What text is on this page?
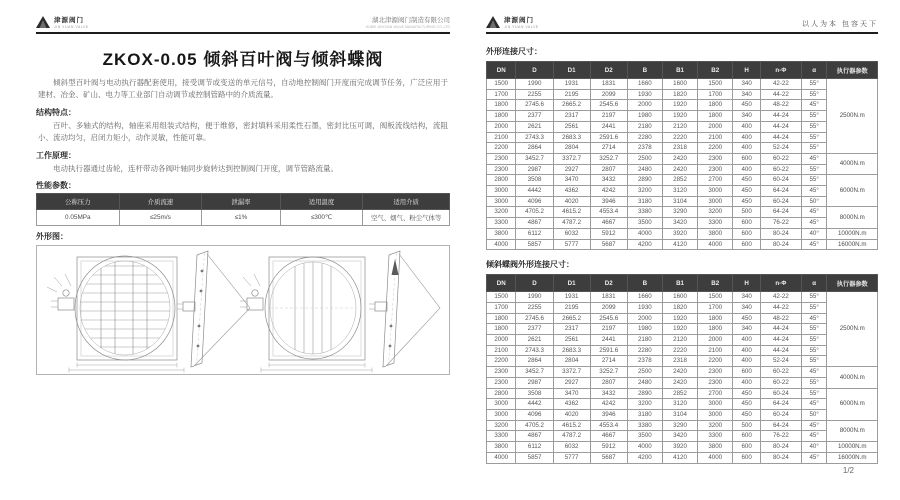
津源阀门
JIN YUAN VALVE
湖北津源阀门制造有限公司
HUBEI JINYUAN VALVE MANUFACTURING CO.,LTD
ZKOX-0.05 倾斜百叶阀与倾斜蝶阀
倾斜型百叶阀与电动执行器配套使用，接受调节或变送的单元信号，自动地控制阀门开度而完成调节任务，广泛应用于建材、冶金、矿山、电力等工业部门自动调节或控制管路中的介质流量。
结构特点：
百叶、多轴式的结构，轴座采用组装式结构，便于维修，密封填料采用柔性石墨，密封比压可调，阀板流线结构，流阻小、流动均匀，启闭力矩小，动作灵敏，性能可靠。
工作原理：
电动执行器通过齿轮，连杆带动各阀叶轴同步旋转达到控制阀门开度，调节管路流量。
性能参数：
公称压力	介质流速	泄漏率	适用温度	适用介质
0.05MPa	≤25m/s	≤1%	≤300℃	空气、烟气、粉尘气体等
外形图：
津源阀门
JIN YUAN VALVE	以人为本 包容天下
外形连接尺寸：
DN	D	D1	D2	B	B1	B2	H	n-Φ	α	执行器参数
1500	1990	1931	1831	1660	1600	1500	340	42-22	55°	2500N.m
1700	2255	2195	2099	1930	1820	1700	340	44-22	55°	
1800	2745.6	2665.2	2545.6	2000	1920	1800	450	48-22	45°	
1800	2377	2317	2197	1980	1920	1800	340	44-24	55°	
2000	2621	2561	2441	2180	2120	2000	400	44-24	55°	
2100	2743.3	2683.3	2591.6	2280	2220	2100	400	44-24	55°	
2200	2864	2804	2714	2378	2318	2200	400	52-24	55°	
2300	3452.7	3372.7	3252.7	2500	2420	2300	600	60-22	45°	4000N.m
2300	2987	2927	2807	2480	2420	2300	400	60-22	55°	
2800	3508	3470	3432	2890	2852	2700	450	60-24	55°	6000N.m
3000	4442	4362	4242	3200	3120	3000	450	64-24	45°	
3000	4096	4020	3946	3180	3104	3000	450	60-24	50°	
3200	4705.2	4615.2	4553.4	3380	3290	3200	500	64-24	45°	8000N.m
3300	4867	4787.2	4667	3500	3420	3300	600	76-22	45°	
3800	6112	6032	5912	4000	3920	3800	600	80-24	40°	10000N.m
4000	5857	5777	5687	4200	4120	4000	600	80-24	45°	16000N.m
倾斜蝶阀外形连接尺寸：
DN	D	D1	D2	B	B1	B2	H	n-Φ	α	执行器参数
1500	1990	1931	1831	1660	1600	1500	340	42-22	55°	2500N.m
1700	2255	2195	2099	1930	1820	1700	340	44-22	55°	
1800	2745.6	2665.2	2545.6	2000	1920	1800	450	48-22	45°	
1800	2377	2317	2197	1980	1920	1800	340	44-24	55°	
2000	2621	2561	2441	2180	2120	2000	400	44-24	55°	
2100	2743.3	2683.3	2591.6	2280	2220	2100	400	44-24	55°	
2200	2864	2804	2714	2378	2318	2200	400	52-24	55°	
2300	3452.7	3372.7	3252.7	2500	2420	2300	600	60-22	45°	4000N.m
2300	2987	2927	2807	2480	2420	2300	400	60-22	55°	
2800	3508	3470	3432	2890	2852	2700	450	60-24	55°	6000N.m
3000	4442	4362	4242	3200	3120	3000	450	64-24	45°	
3000	4096	4020	3946	3180	3104	3000	450	60-24	50°	
3200	4705.2	4615.2	4553.4	3380	3290	3200	500	64-24	45°	8000N.m
3300	4867	4787.2	4667	3500	3420	3300	600	76-22	45°	
3800	6112	6032	5912	4000	3920	3800	600	80-24	40°	10000N.m
4000	5857	5777	5687	4200	4120	4000	600	80-24	45°	16000N.m
1/2
